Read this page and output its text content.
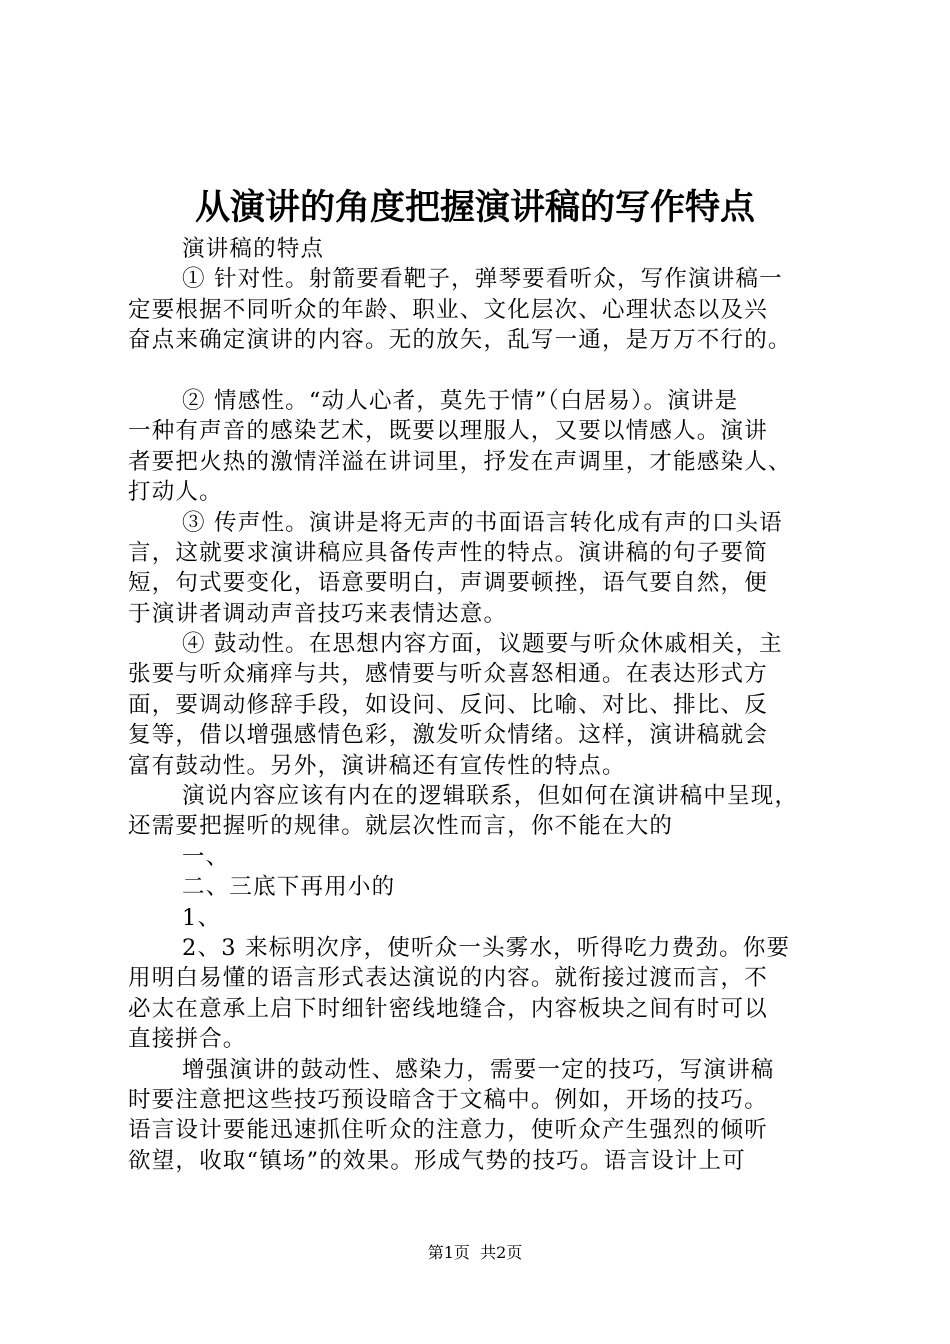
从演讲的角度把握演讲稿的写作特点
演讲稿的特点
① 针对性。射箭要看靶子，弹琴要看听众，写作演讲稿一
定要根据不同听众的年龄、职业、文化层次、心理状态以及兴
奋点来确定演讲的内容。无的放矢，乱写一通，是万万不行的。
② 情感性。“动人心者，莫先于情”（白居易）。演讲是
一种有声音的感染艺术，既要以理服人，又要以情感人。演讲
者要把火热的激情洋溢在讲词里，抒发在声调里，才能感染人、
打动人。
③ 传声性。演讲是将无声的书面语言转化成有声的口头语
言，这就要求演讲稿应具备传声性的特点。演讲稿的句子要简
短，句式要变化，语意要明白，声调要顿挫，语气要自然，便
于演讲者调动声音技巧来表情达意。
④ 鼓动性。在思想内容方面，议题要与听众休戚相关，主
张要与听众痛痒与共，感情要与听众喜怒相通。在表达形式方
面，要调动修辞手段，如设问、反问、比喻、对比、排比、反
复等，借以增强感情色彩，激发听众情绪。这样，演讲稿就会
富有鼓动性。另外，演讲稿还有宣传性的特点。
演说内容应该有内在的逻辑联系，但如何在演讲稿中呈现，
还需要把握听的规律。就层次性而言，你不能在大的
一、
二、三底下再用小的
1、
2、3 来标明次序，使听众一头雾水，听得吃力费劲。你要
用明白易懂的语言形式表达演说的内容。就衔接过渡而言，不
必太在意承上启下时细针密线地缝合，内容板块之间有时可以
直接拼合。
增强演讲的鼓动性、感染力，需要一定的技巧，写演讲稿
时要注意把这些技巧预设暗含于文稿中。例如，开场的技巧。
语言设计要能迅速抓住听众的注意力，使听众产生强烈的倾听
欲望，收取“镇场”的效果。形成气势的技巧。语言设计上可
第1页  共2页
